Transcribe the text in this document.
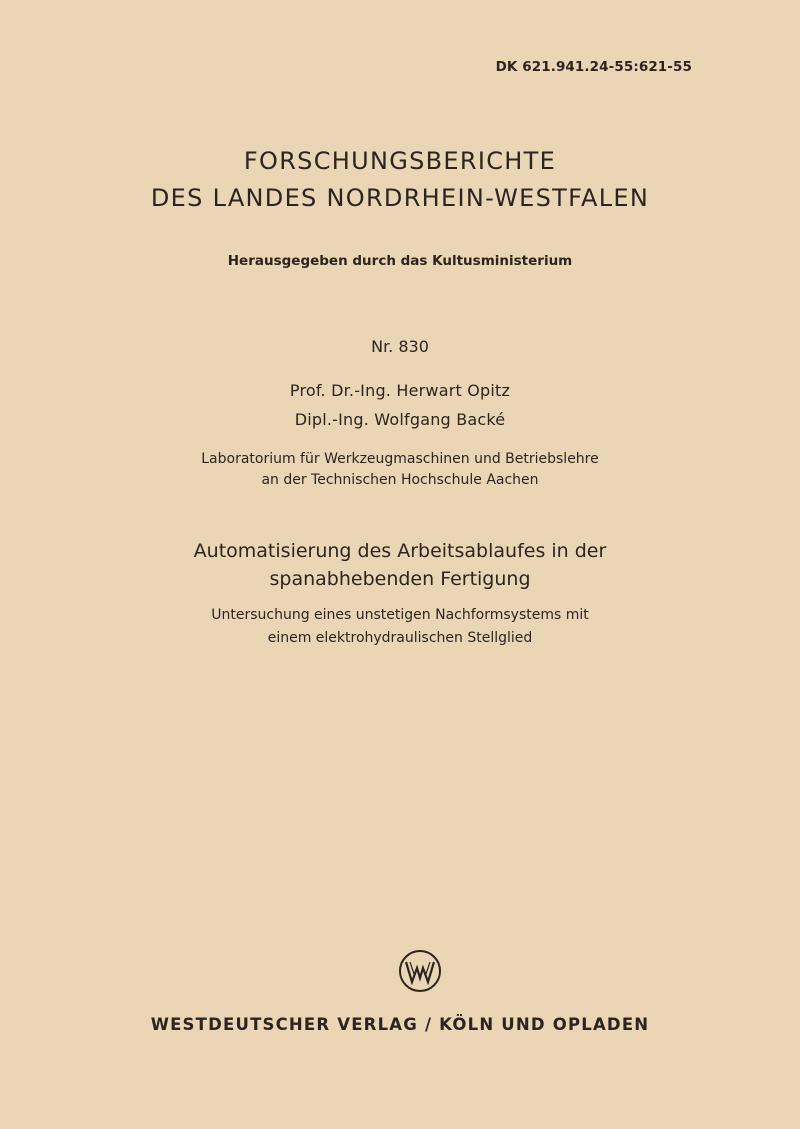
DK 621.941.24-55:621-55
FORSCHUNGSBERICHTE
DES LANDES NORDRHEIN-WESTFALEN
Herausgegeben durch das Kultusministerium
Nr. 830
Prof. Dr.-Ing. Herwart Opitz
Dipl.-Ing. Wolfgang Backé
Laboratorium für Werkzeugmaschinen und Betriebslehre
an der Technischen Hochschule Aachen
Automatisierung des Arbeitsablaufes in der
spanabhebenden Fertigung
Untersuchung eines unstetigen Nachformsystems mit
einem elektrohydraulischen Stellglied
WESTDEUTSCHER VERLAG / KÖLN UND OPLADEN
